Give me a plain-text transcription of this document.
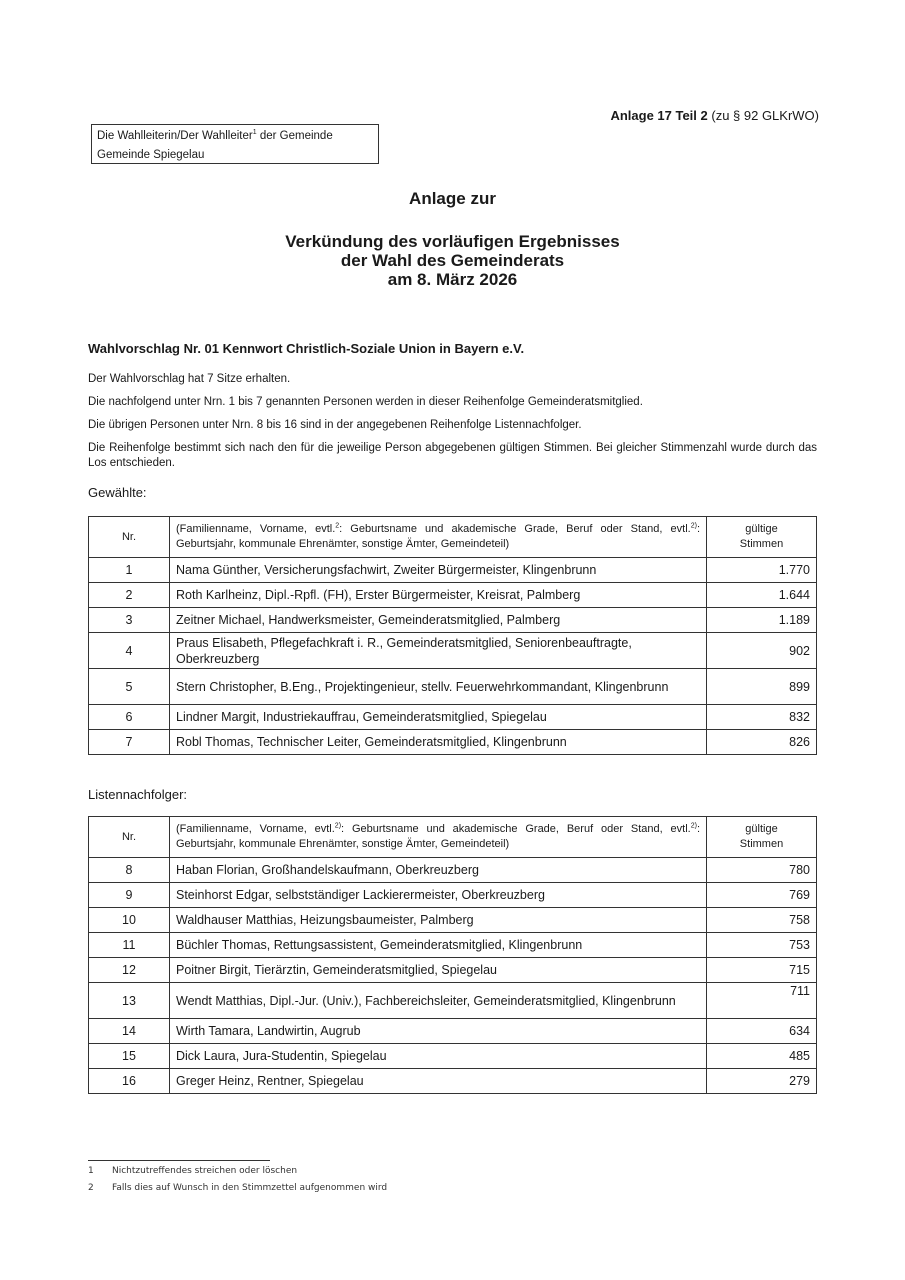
Anlage 17 Teil 2 (zu § 92 GLKrWO)
Die Wahlleiterin/Der Wahlleiter$^1$ der Gemeinde
Gemeinde Spiegelau
Anlage zur
Verkündung des vorläufigen Ergebnisses
der Wahl des Gemeinderats
am 8. März 2026
Wahlvorschlag Nr. 01 Kennwort Christlich-Soziale Union in Bayern e.V.
Der Wahlvorschlag hat 7 Sitze erhalten.
Die nachfolgend unter Nrn. 1 bis 7 genannten Personen werden in dieser Reihenfolge Gemeinderatsmitglied.
Die übrigen Personen unter Nrn. 8 bis 16 sind in der angegebenen Reihenfolge Listennachfolger.
Die Reihenfolge bestimmt sich nach den für die jeweilige Person abgegebenen gültigen Stimmen. Bei gleicher Stimmenzahl wurde durch das Los entschieden.
Gewählte:
Nr.	(Familienname, Vorname, evtl.$^2$: Geburtsname und akademische Grade, Beruf oder Stand, evtl.$^{2)}$: Geburtsjahr, kommunale Ehrenämter, sonstige Ämter, Gemeindeteil)	gültige
Stimmen

1	Nama Günther, Versicherungsfachwirt, Zweiter Bürgermeister, Klingenbrunn	1.770
2	Roth Karlheinz, Dipl.-Rpfl. (FH), Erster Bürgermeister, Kreisrat, Palmberg	1.644
3	Zeitner Michael, Handwerksmeister, Gemeinderatsmitglied, Palmberg	1.189
4	Praus Elisabeth, Pflegefachkraft i. R., Gemeinderatsmitglied, Seniorenbeauftragte, Oberkreuzberg	902
5	Stern Christopher, B.Eng., Projektingenieur, stellv. Feuerwehrkommandant, Klingenbrunn	899
6	Lindner Margit, Industriekauffrau, Gemeinderatsmitglied, Spiegelau	832
7	Robl Thomas, Technischer Leiter, Gemeinderatsmitglied, Klingenbrunn	826
Listennachfolger:
Nr.	(Familienname, Vorname, evtl.$^{2)}$: Geburtsname und akademische Grade, Beruf oder Stand, evtl.$^{2)}$: Geburtsjahr, kommunale Ehrenämter, sonstige Ämter, Gemeindeteil)	gültige
Stimmen

8	Haban Florian, Großhandelskaufmann, Oberkreuzberg	780
9	Steinhorst Edgar, selbstständiger Lackierermeister, Oberkreuzberg	769
10	Waldhauser Matthias, Heizungsbaumeister, Palmberg	758
11	Büchler Thomas, Rettungsassistent, Gemeinderatsmitglied, Klingenbrunn	753
12	Poitner Birgit, Tierärztin, Gemeinderatsmitglied, Spiegelau	715
13	Wendt Matthias, Dipl.-Jur. (Univ.), Fachbereichsleiter, Gemeinderatsmitglied, Klingenbrunn	711
14	Wirth Tamara, Landwirtin, Augrub	634
15	Dick Laura, Jura-Studentin, Spiegelau	485
16	Greger Heinz, Rentner, Spiegelau	279
1 Nichtzutreffendes streichen oder löschen
2 Falls dies auf Wunsch in den Stimmzettel aufgenommen wird
